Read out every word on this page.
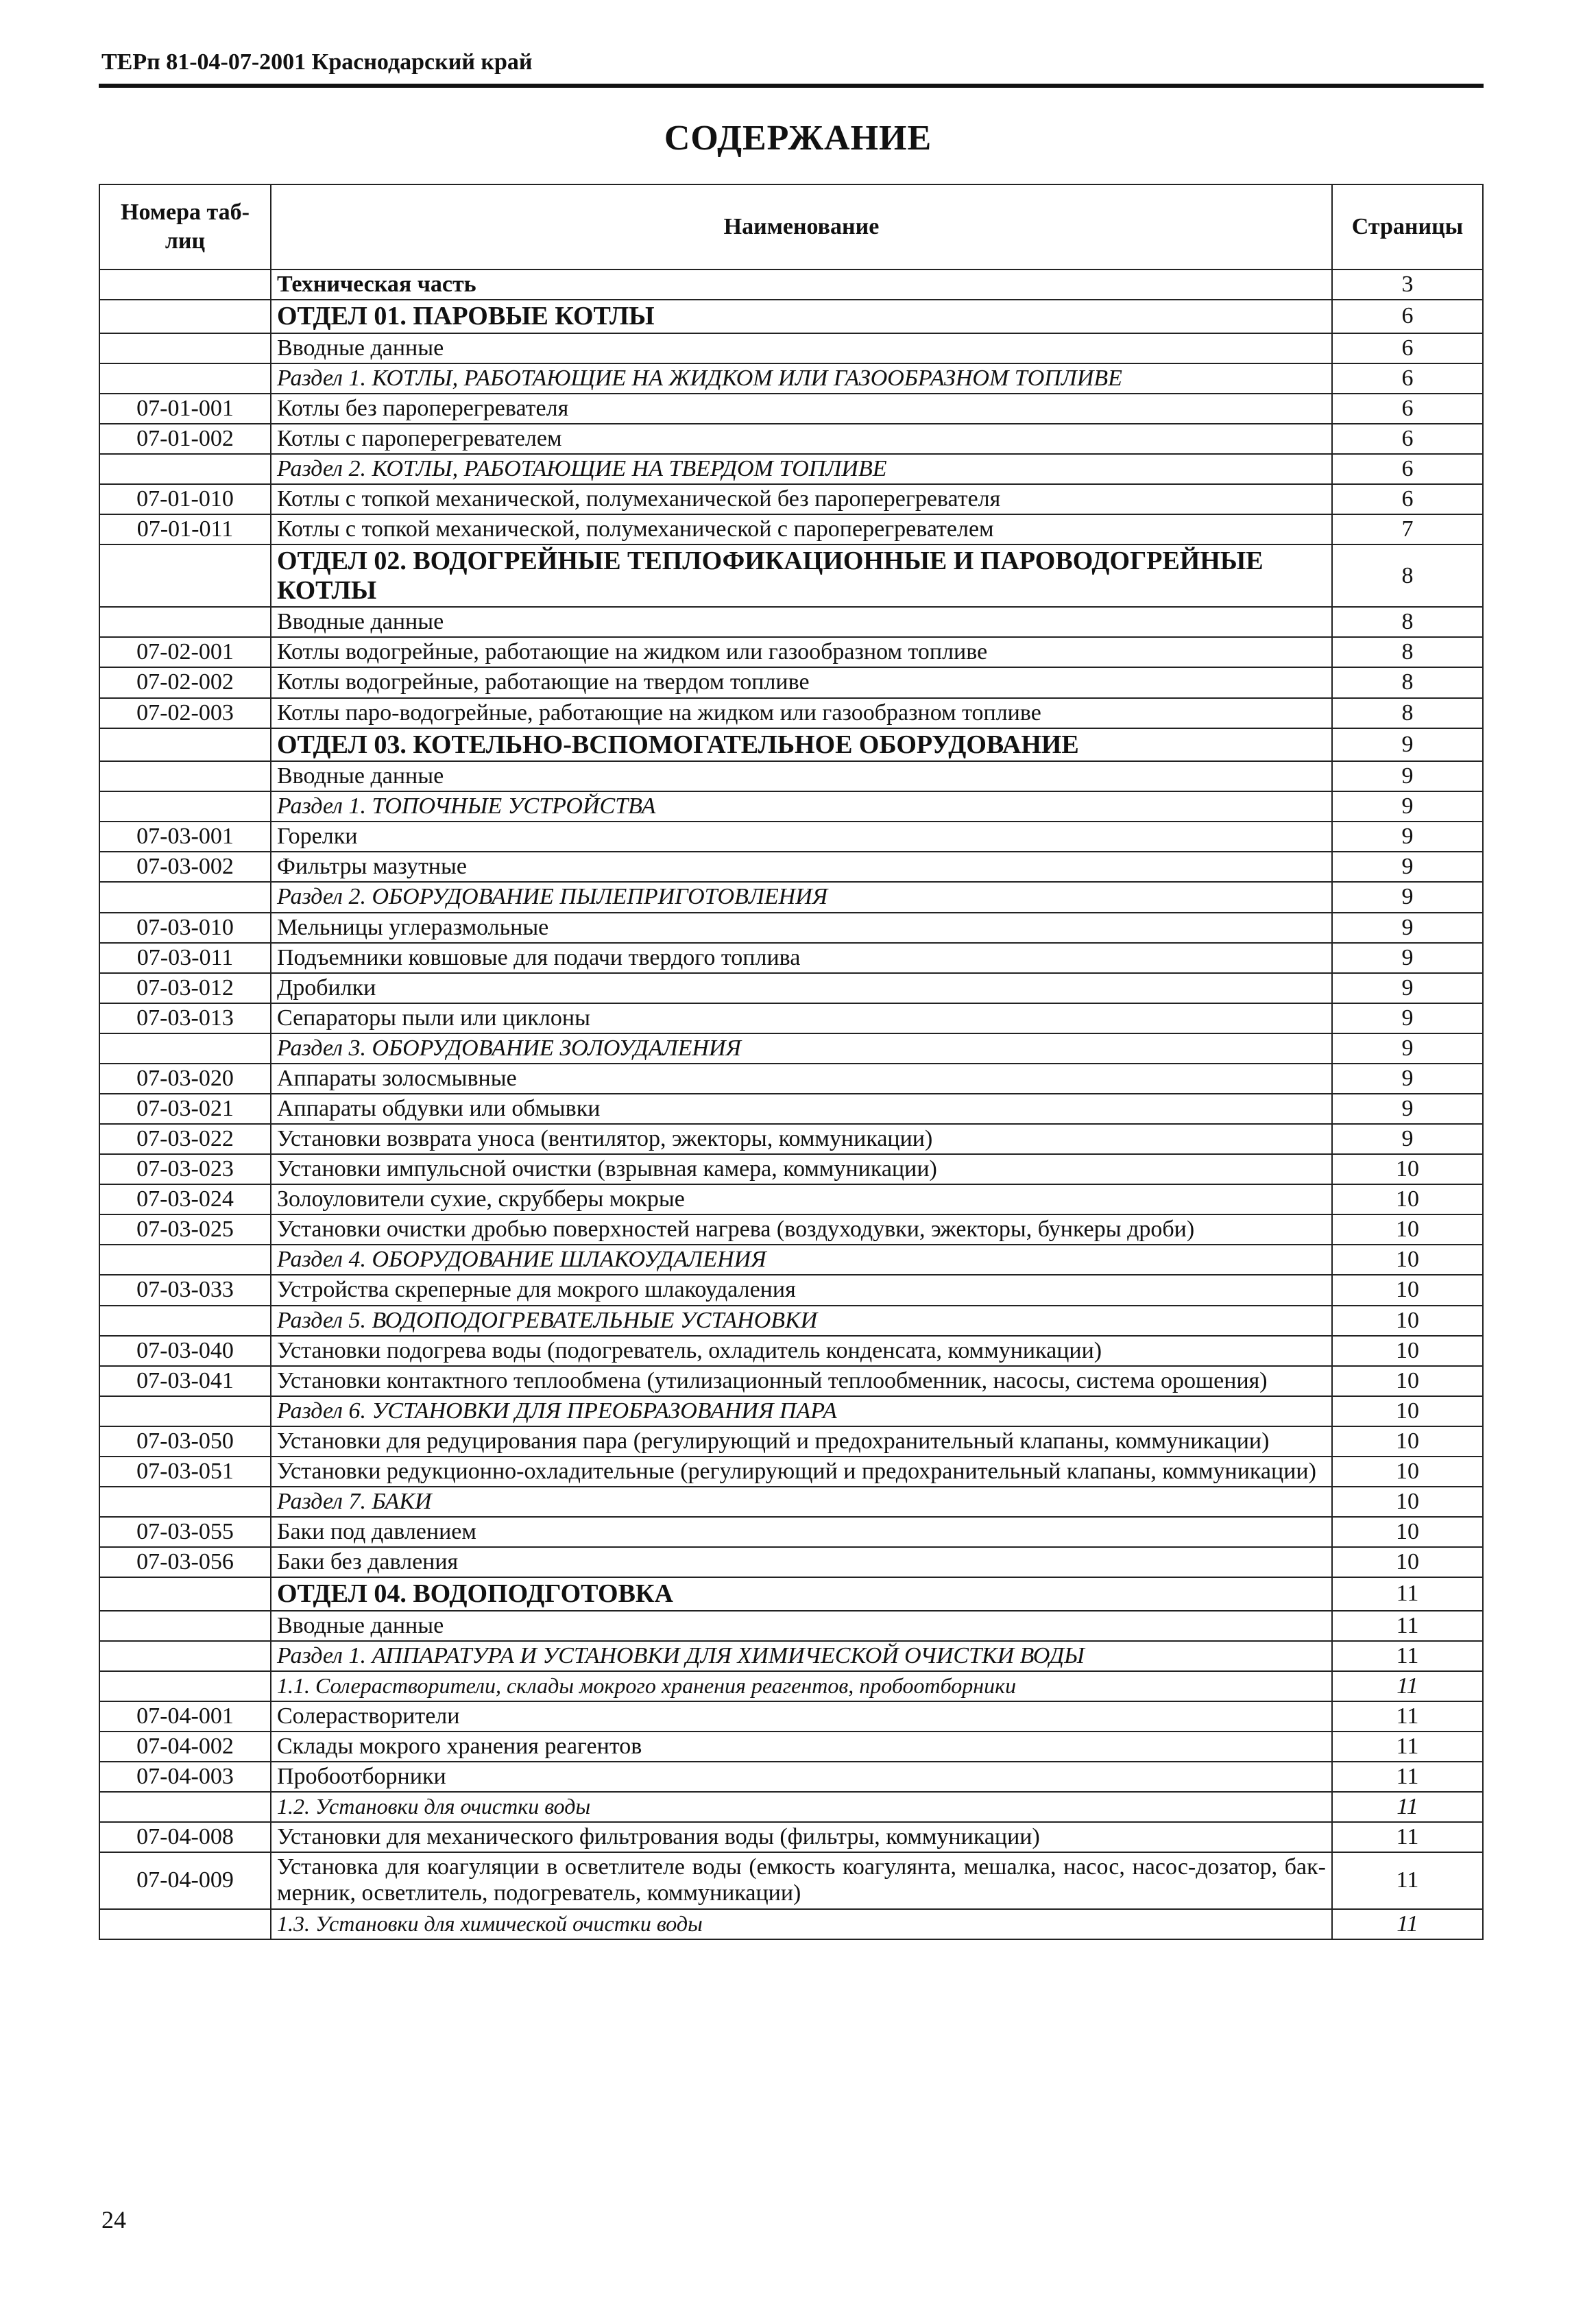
ТЕРп 81-04-07-2001 Краснодарский край
СОДЕРЖАНИЕ
Номера таб-лиц	Наименование	Страницы
	Техническая часть	3
	ОТДЕЛ 01. ПАРОВЫЕ КОТЛЫ	6
	Вводные данные	6
	Раздел 1. КОТЛЫ, РАБОТАЮЩИЕ НА ЖИДКОМ ИЛИ ГАЗООБРАЗНОМ ТОПЛИВЕ	6
07-01-001	Котлы без пароперегревателя	6
07-01-002	Котлы с пароперегревателем	6
	Раздел 2. КОТЛЫ, РАБОТАЮЩИЕ НА ТВЕРДОМ ТОПЛИВЕ	6
07-01-010	Котлы с топкой механической, полумеханической без пароперегревателя	6
07-01-011	Котлы с топкой механической, полумеханической с пароперегревателем	7
	ОТДЕЛ 02. ВОДОГРЕЙНЫЕ ТЕПЛОФИКАЦИОННЫЕ И ПАРОВОДОГРЕЙНЫЕ КОТЛЫ	8
	Вводные данные	8
07-02-001	Котлы водогрейные, работающие на жидком или газообразном топливе	8
07-02-002	Котлы водогрейные, работающие на твердом топливе	8
07-02-003	Котлы паро-водогрейные, работающие на жидком или газообразном топливе	8
	ОТДЕЛ 03. КОТЕЛЬНО-ВСПОМОГАТЕЛЬНОЕ ОБОРУДОВАНИЕ	9
	Вводные данные	9
	Раздел 1. ТОПОЧНЫЕ УСТРОЙСТВА	9
07-03-001	Горелки	9
07-03-002	Фильтры мазутные	9
	Раздел 2. ОБОРУДОВАНИЕ ПЫЛЕПРИГОТОВЛЕНИЯ	9
07-03-010	Мельницы углеразмольные	9
07-03-011	Подъемники ковшовые для подачи твердого топлива	9
07-03-012	Дробилки	9
07-03-013	Сепараторы пыли или циклоны	9
	Раздел 3. ОБОРУДОВАНИЕ ЗОЛОУДАЛЕНИЯ	9
07-03-020	Аппараты золосмывные	9
07-03-021	Аппараты обдувки или обмывки	9
07-03-022	Установки возврата уноса (вентилятор, эжекторы, коммуникации)	9
07-03-023	Установки импульсной очистки (взрывная камера, коммуникации)	10
07-03-024	Золоуловители сухие, скрубберы мокрые	10
07-03-025	Установки очистки дробью поверхностей нагрева (воздуходувки, эжекторы, бункеры дроби)	10
	Раздел 4. ОБОРУДОВАНИЕ ШЛАКОУДАЛЕНИЯ	10
07-03-033	Устройства скреперные для мокрого шлакоудаления	10
	Раздел 5. ВОДОПОДОГРЕВАТЕЛЬНЫЕ УСТАНОВКИ	10
07-03-040	Установки подогрева воды (подогреватель, охладитель конденсата, коммуникации)	10
07-03-041	Установки контактного теплообмена (утилизационный теплообменник, насосы, система орошения)	10
	Раздел 6. УСТАНОВКИ ДЛЯ ПРЕОБРАЗОВАНИЯ ПАРА	10
07-03-050	Установки для редуцирования пара (регулирующий и предохранительный клапаны, коммуникации)	10
07-03-051	Установки редукционно-охладительные (регулирующий и предохранительный клапаны, коммуникации)	10
	Раздел 7. БАКИ	10
07-03-055	Баки под давлением	10
07-03-056	Баки без давления	10
	ОТДЕЛ 04. ВОДОПОДГОТОВКА	11
	Вводные данные	11
	Раздел 1. АППАРАТУРА И УСТАНОВКИ ДЛЯ ХИМИЧЕСКОЙ ОЧИСТКИ ВОДЫ	11
	1.1. Солерастворители, склады мокрого хранения реагентов, пробоотборники	11
07-04-001	Солерастворители	11
07-04-002	Склады мокрого хранения реагентов	11
07-04-003	Пробоотборники	11
	1.2. Установки для очистки воды	11
07-04-008	Установки для механического фильтрования воды (фильтры, коммуникации)	11
07-04-009	Установка для коагуляции в осветлителе воды (емкость коагулянта, мешалка, насос, насос-дозатор, бак-мерник, осветлитель, подогреватель, коммуникации)	11
	1.3. Установки для химической очистки воды	11
24
